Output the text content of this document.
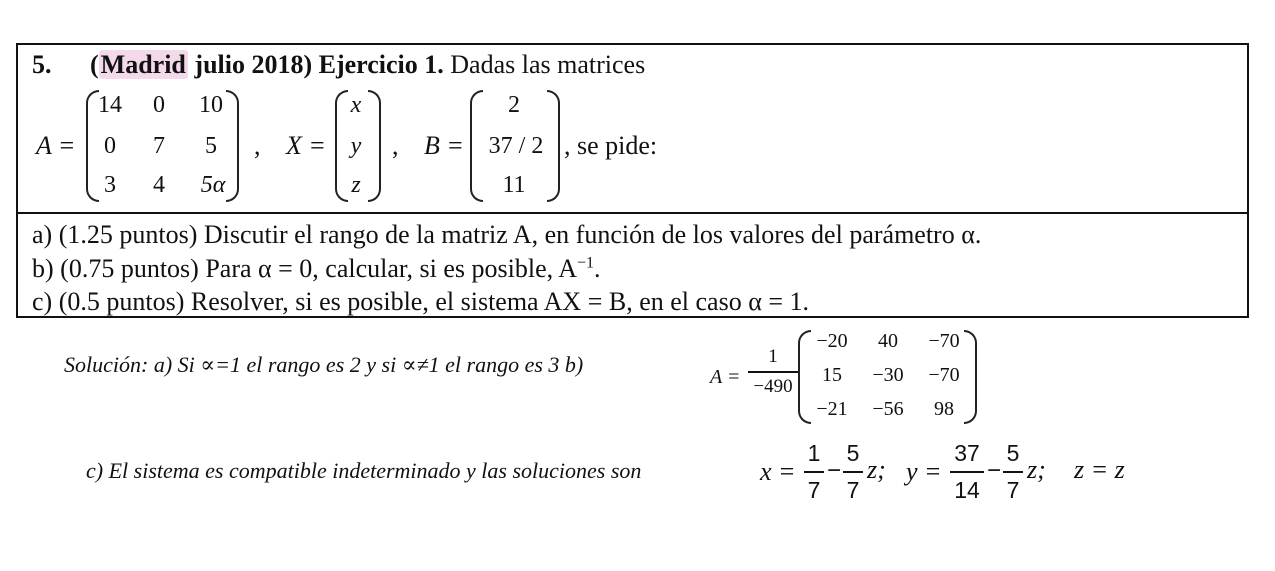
5. (Madrid julio 2018) Ejercicio 1. Dadas las matrices
A =
14	0	10
0	7	5
3	4	5α
, X =
x
y
z
, B =
2
37 / 2
11
, se pide:
a) (1.25 puntos) Discutir el rango de la matriz A, en función de los valores del parámetro α.
b) (0.75 puntos) Para α = 0, calcular, si es posible, $A^{-1}$.
c) (0.5 puntos) Resolver, si es posible, el sistema AX = B, en el caso α = 1.
Solución: a) Si ∝=1 el rango es 2 y si ∝≠1 el rango es 3 b)	A =
1
−490
−20	40	−70
15	−30	−70
−21	−56	98
c) El sistema es compatible indeterminado y las soluciones son	x =
1
7
−
5
7
z; y =
37
14
−
5
7
z; z = z
